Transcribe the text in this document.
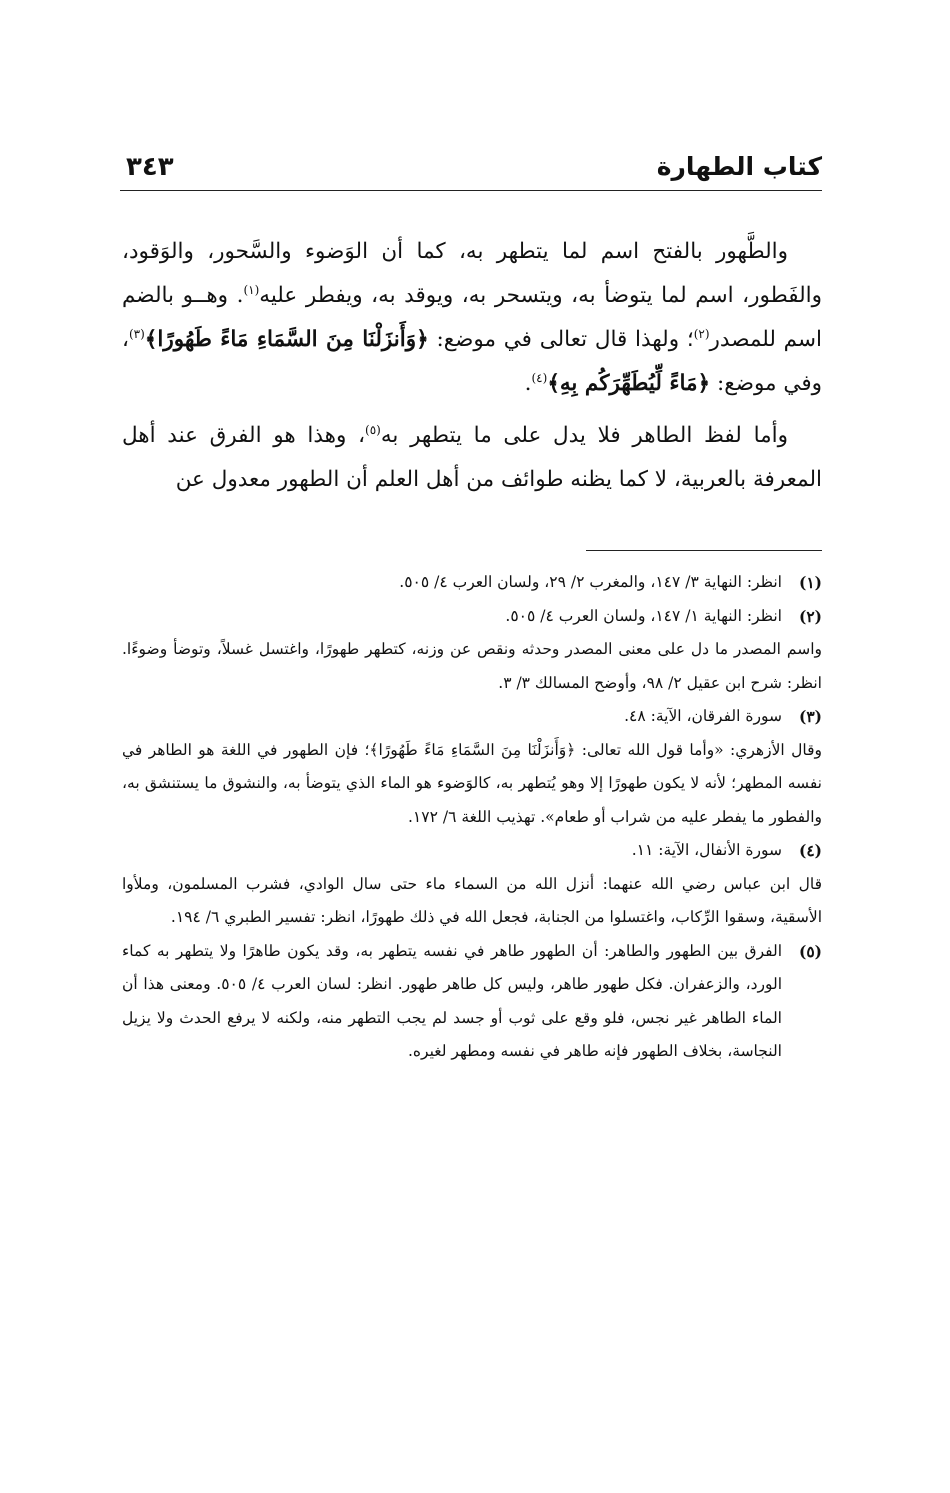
كتاب الطهارة
٣٤٣

والطَّهور بالفتح اسم لما يتطهر به، كما أن الوَضوء والسَّحور، والوَقود، والفَطور، اسم لما يتوضأ به، ويتسحر به، ويوقد به، ويفطر عليه$^{(١)}$. وهــو بالضم اسم للمصدر$^{(٢)}$؛ ولهذا قال تعالى في موضع: ﴿وَأَنزَلْنَا مِنَ السَّمَاءِ مَاءً طَهُورًا﴾$^{(٣)}$، وفي موضع: ﴿مَاءً لِّيُطَهِّرَكُم بِهِ﴾$^{(٤)}$.

وأما لفظ الطاهر فلا يدل على ما يتطهر به$^{(٥)}$، وهذا هو الفرق عند أهل المعرفة بالعربية، لا كما يظنه طوائف من أهل العلم أن الطهور معدول عن

(١)
انظر: النهاية ٣/ ١٤٧، والمغرب ٢/ ٢٩، ولسان العرب ٤/ ٥٠٥.
(٢)
انظر: النهاية ١/ ١٤٧، ولسان العرب ٤/ ٥٠٥.

واسم المصدر ما دل على معنى المصدر وحدثه ونقص عن وزنه، كتطهر طهورًا، واغتسل غسلاً، وتوضأ وضوءًا. انظر: شرح ابن عقيل ٢/ ٩٨، وأوضح المسالك ٣/ ٣.

(٣)
سورة الفرقان، الآية: ٤٨.

وقال الأزهري: «وأما قول الله تعالى: ﴿وَأَنزَلْنَا مِنَ السَّمَاءِ مَاءً طَهُورًا﴾؛ فإن الطهور في اللغة هو الطاهر في نفسه المطهر؛ لأنه لا يكون طهورًا إلا وهو يُتطهر به، كالوَضوء هو الماء الذي يتوضأ به، والنشوق ما يستنشق به، والفطور ما يفطر عليه من شراب أو طعام». تهذيب اللغة ٦/ ١٧٢.

(٤)
سورة الأنفال، الآية: ١١.

قال ابن عباس رضي الله عنهما: أنزل الله من السماء ماء حتى سال الوادي، فشرب المسلمون، وملأوا الأسقية، وسقوا الرِّكاب، واغتسلوا من الجنابة، فجعل الله في ذلك طهورًا، انظر: تفسير الطبري ٦/ ١٩٤.

(٥)
الفرق بين الطهور والطاهر: أن الطهور طاهر في نفسه يتطهر به، وقد يكون طاهرًا ولا يتطهر به كماء الورد، والزعفران. فكل طهور طاهر، وليس كل طاهر طهور. انظر: لسان العرب ٤/ ٥٠٥. ومعنى هذا أن الماء الطاهر غير نجس، فلو وقع على ثوب أو جسد لم يجب التطهر منه، ولكنه لا يرفع الحدث ولا يزيل النجاسة، بخلاف الطهور فإنه طاهر في نفسه ومطهر لغيره.
